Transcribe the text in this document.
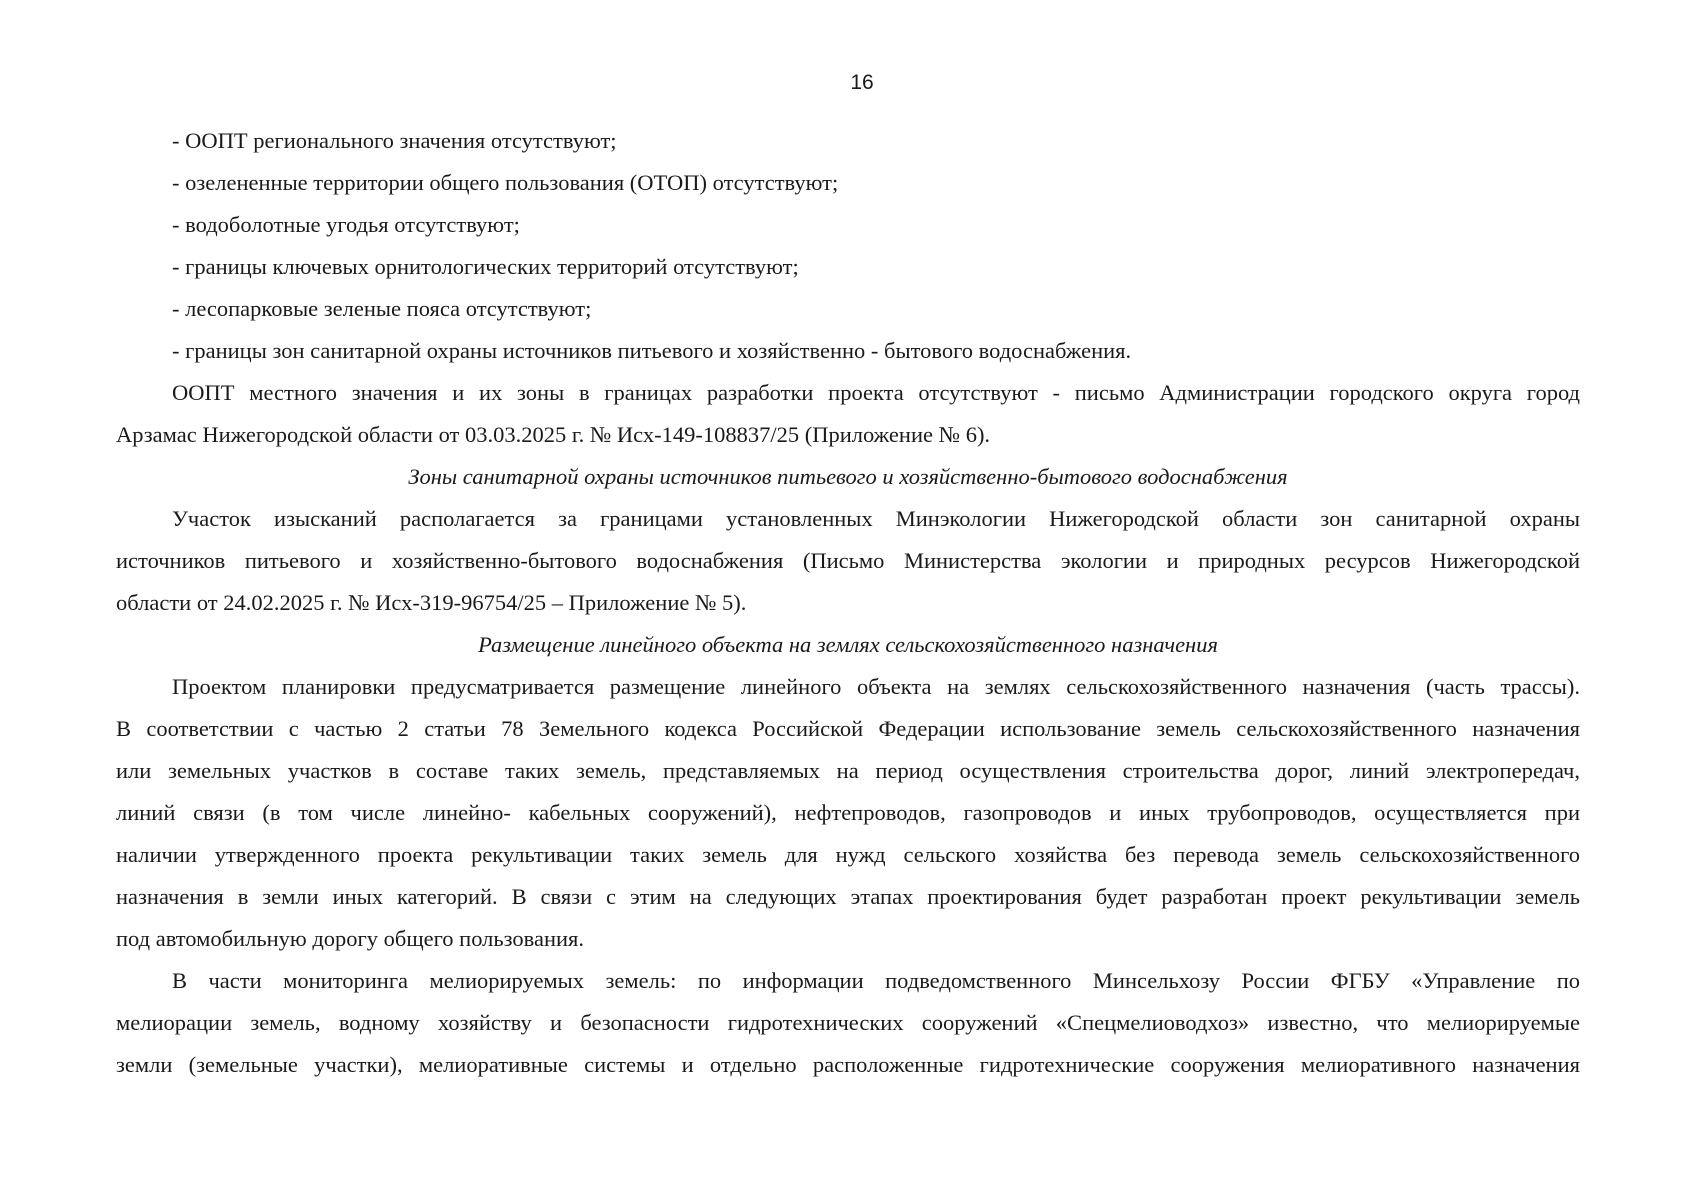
16
- ООПТ регионального значения отсутствуют;
- озелененные территории общего пользования (ОТОП) отсутствуют;
- водоболотные угодья отсутствуют;
- границы ключевых орнитологических территорий отсутствуют;
- лесопарковые зеленые пояса отсутствуют;
- границы зон санитарной охраны источников питьевого и хозяйственно - бытового водоснабжения.
ООПТ местного значения и их зоны в границах разработки проекта отсутствуют - письмо Администрации городского округа город
Арзамас Нижегородской области от 03.03.2025 г. № Исх-149-108837/25 (Приложение № 6).
Зоны санитарной охраны источников питьевого и хозяйственно-бытового водоснабжения
Участок изысканий располагается за границами установленных Минэкологии Нижегородской области зон санитарной охраны
источников питьевого и хозяйственно-бытового водоснабжения (Письмо Министерства экологии и природных ресурсов Нижегородской
области от 24.02.2025 г. № Исх-319-96754/25 – Приложение № 5).
Размещение линейного объекта на землях сельскохозяйственного назначения
Проектом планировки предусматривается размещение линейного объекта на землях сельскохозяйственного назначения (часть трассы).
В соответствии с частью 2 статьи 78 Земельного кодекса Российской Федерации использование земель сельскохозяйственного назначения
или земельных участков в составе таких земель, представляемых на период осуществления строительства дорог, линий электропередач,
линий связи (в том числе линейно- кабельных сооружений), нефтепроводов, газопроводов и иных трубопроводов, осуществляется при
наличии утвержденного проекта рекультивации таких земель для нужд сельского хозяйства без перевода земель сельскохозяйственного
назначения в земли иных категорий. В связи с этим на следующих этапах проектирования будет разработан проект рекультивации земель
под автомобильную дорогу общего пользования.
В части мониторинга мелиорируемых земель: по информации подведомственного Минсельхозу России ФГБУ «Управление по
мелиорации земель, водному хозяйству и безопасности гидротехнических сооружений «Спецмелиоводхоз» известно, что мелиорируемые
земли (земельные участки), мелиоративные системы и отдельно расположенные гидротехнические сооружения мелиоративного назначения
